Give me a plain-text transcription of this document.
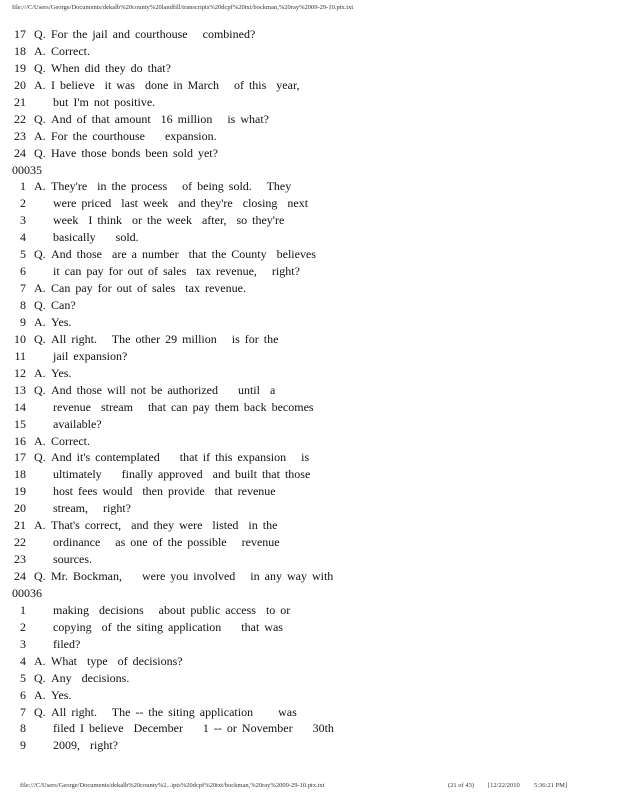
file:///C/Users/George/Documents/dekalb%20county%20landfill/transcripts%20dcpf%20txt/bockman,%20ray%2009-29-10.ptx.txt
17 Q. For the jail and courthouse   combined?
18 A. Correct.
19 Q. When did they do that?
20 A. I believe  it was  done in March   of this  year,
21 but I'm not positive.
22 Q. And of that amount  16 million   is what?
23 A. For the courthouse    expansion.
24 Q. Have those bonds been sold yet?
00035
1 A. They're  in the process   of being sold.   They
2 were priced  last week  and they're  closing  next
3 week  I think  or the week  after,  so they're
4 basically    sold.
5 Q. And those  are a number  that the County  believes
6 it can pay for out of sales  tax revenue,   right?
7 A. Can pay for out of sales  tax revenue.
8 Q. Can?
9 A. Yes.
10 Q. All right.   The other 29 million   is for the
11 jail expansion?
12 A. Yes.
13 Q. And those will not be authorized    until  a
14 revenue  stream   that can pay them back becomes
15 available?
16 A. Correct.
17 Q. And it's contemplated    that if this expansion   is
18 ultimately    finally approved  and built that those
19 host fees would  then provide  that revenue
20 stream,   right?
21 A. That's correct,  and they were  listed  in the
22 ordinance   as one of the possible   revenue
23 sources.
24 Q. Mr. Bockman,    were you involved   in any way with
00036
1 making  decisions   about public access  to or
2 copying  of the siting application    that was
3 filed?
4 A. What  type  of decisions?
5 Q. Any  decisions.
6 A. Yes.
7 Q. All right.   The -- the siting application     was
8 filed I believe  December    1 -- or November    30th
9 2009,  right?
file:///C/Users/George/Documents/dekalb%20county%2...ipts%20dcpf%20txt/bockman,%20ray%2009-29-10.ptx.txt	(21 of 43) [12/22/2010 5:36:21 PM]
